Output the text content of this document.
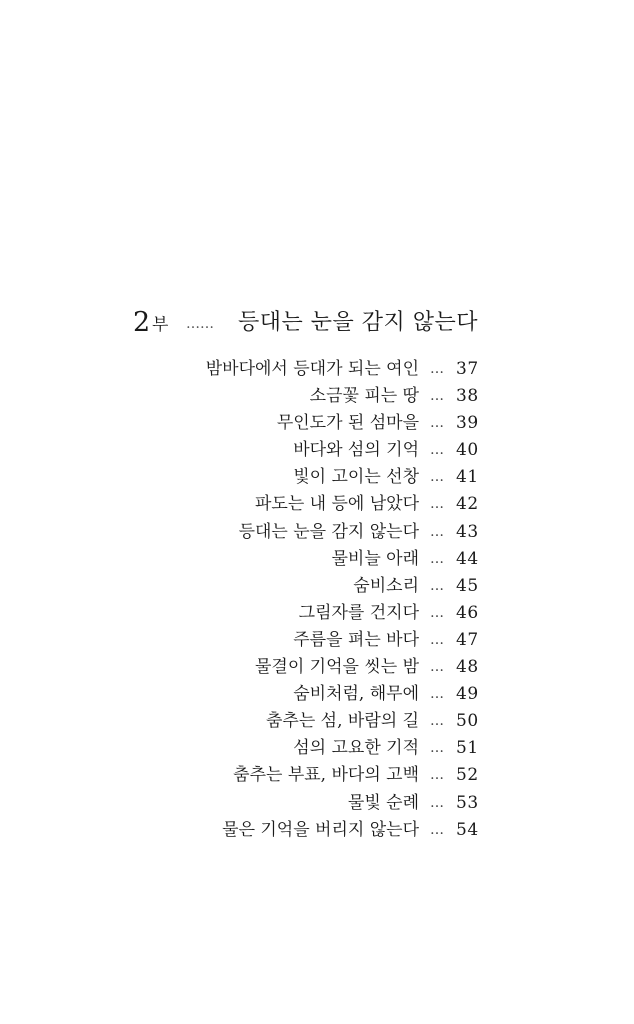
2 부 …… 등대는 눈을 감지 않는다
밤바다에서 등대가 되는 여인 … 37
소금꽃 피는 땅 … 38
무인도가 된 섬마을 … 39
바다와 섬의 기억 … 40
빛이 고이는 선창 … 41
파도는 내 등에 남았다 … 42
등대는 눈을 감지 않는다 … 43
물비늘 아래 … 44
숨비소리 … 45
그림자를 건지다 … 46
주름을 펴는 바다 … 47
물결이 기억을 씻는 밤 … 48
숨비처럼, 해무에 … 49
춤추는 섬, 바람의 길 … 50
섬의 고요한 기적 … 51
춤추는 부표, 바다의 고백 … 52
물빛 순례 … 53
물은 기억을 버리지 않는다 … 54
